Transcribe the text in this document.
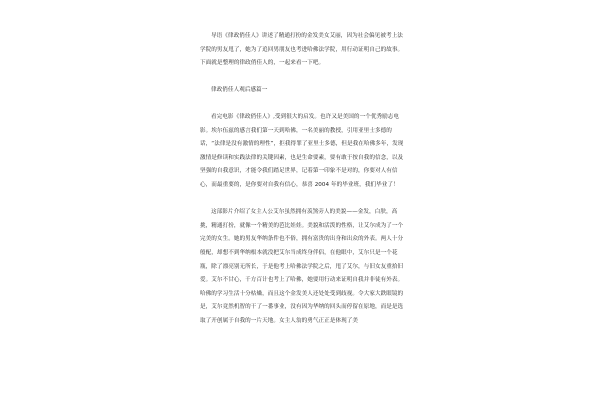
导语《律政俏佳人》讲述了精通打扮的金发美女艾丽，因为社会偏见被考上法学院的男友甩了，她为了追回男朋友也考进哈佛法学院，用行动证明自己的故事。下面就是整理的律政俏佳人的，一起来看一下吧。

律政俏佳人观后感篇一

看完电影《律政俏佳人》,受到很大的启发。也许又是美国的一个优秀励志电影。埃尔伍兹的感言我们第一天到哈佛，一名美丽的教授，引用亚里士多德的话，“法律是没有激情的理性”，拒我得罪了亚里士多德，但是我在哈佛多年，发现激情是修读和实践法律的关键因素，也是生命要素，要有敢于按自我的信念，以及坚强的自我意识，才能令我们踏足世界，记着第一印象不是对的，你要对人有信心，而最重要的，是你要对自我有信心，恭喜 2004 年的毕业班，我们毕业了！

这部影片介绍了女主人公艾尔虽然拥有羡煞旁人的美貌——金发，白肤，高挑，精通打扮，就像一个精美的芭比娃娃。美貌和活泼的性格，让艾尔成为了一个完美的女生。她的男友华纳条件也不俗，拥有富贵的出身和出众的外表。两人十分般配，却想不到华纳根本就没把艾尔当成终身伴侣，在他眼中，艾尔只是一个花瓶，除了漂亮别无所长，于是他考上哈佛法学院之后，甩了艾尔，与旧女友重拾旧爱。艾尔不甘心，千方百计也考上了哈佛，她要用行动来证明自我并非徒有外表。哈佛的学习生活十分枯燥，而且这个金发美人还处处受到歧视。令大家大跌眼镜的是，艾尔竟然机智的干了一番事业，没有因为华纳的回头而停留在原地，而是是选取了开创属于自我的一片天地。女主人翁的勇气正正是体现了美
